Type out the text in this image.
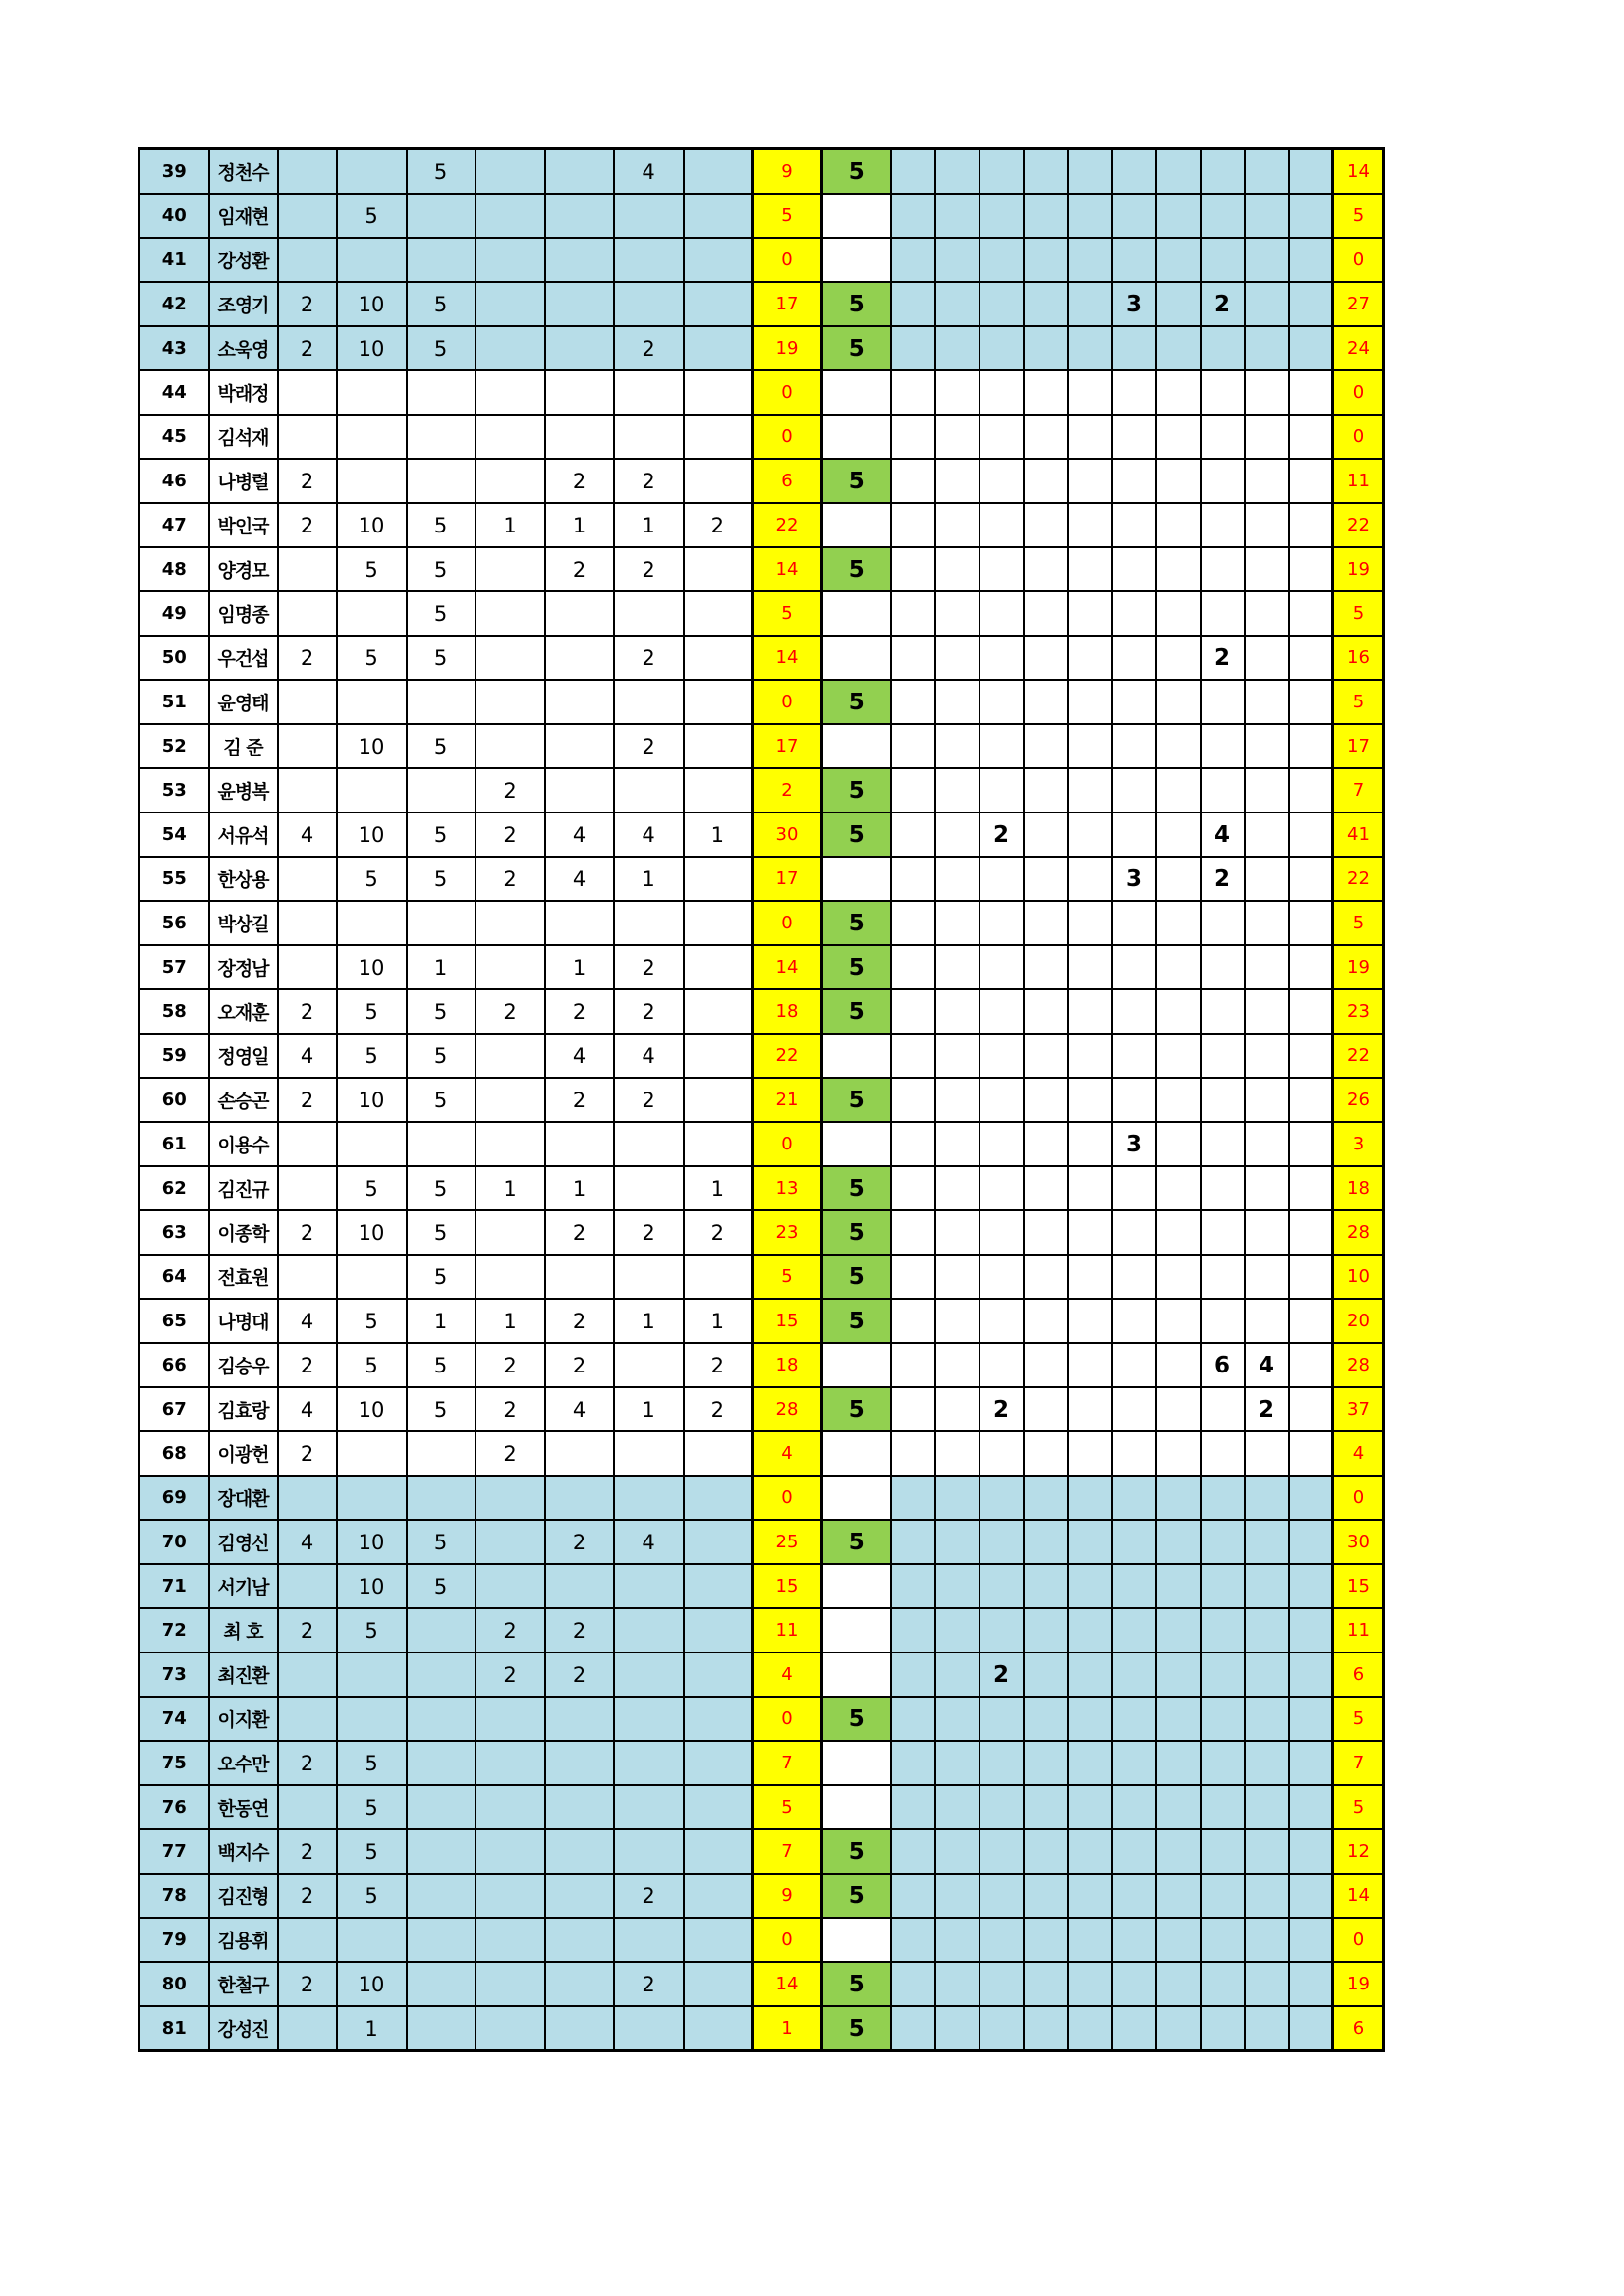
39	정천수			5			4		9	5											14
40	임재현		5						5												5
41	강성환								0												0
42	조영기	2	10	5					17	5						3		2			27
43	소욱영	2	10	5			2		19	5											24
44	박래정								0												0
45	김석재								0												0
46	나병렬	2				2	2		6	5											11
47	박인국	2	10	5	1	1	1	2	22												22
48	양경모		5	5		2	2		14	5											19
49	임명종			5					5												5
50	우건섭	2	5	5			2		14									2			16
51	윤영태								0	5											5
52	김 준		10	5			2		17												17
53	윤병복				2				2	5											7
54	서유석	4	10	5	2	4	4	1	30	5			2					4			41
55	한상용		5	5	2	4	1		17							3		2			22
56	박상길								0	5											5
57	장정남		10	1		1	2		14	5											19
58	오재훈	2	5	5	2	2	2		18	5											23
59	정영일	4	5	5		4	4		22												22
60	손승곤	2	10	5		2	2		21	5											26
61	이용수								0							3					3
62	김진규		5	5	1	1		1	13	5											18
63	이종학	2	10	5		2	2	2	23	5											28
64	전효원			5					5	5											10
65	나명대	4	5	1	1	2	1	1	15	5											20
66	김승우	2	5	5	2	2		2	18									6	4		28
67	김효랑	4	10	5	2	4	1	2	28	5			2						2		37
68	이광헌	2			2				4												4
69	장대환								0												0
70	김영신	4	10	5		2	4		25	5											30
71	서기남		10	5					15												15
72	최 호	2	5		2	2			11												11
73	최진환				2	2			4				2								6
74	이지환								0	5											5
75	오수만	2	5						7												7
76	한동연		5						5												5
77	백지수	2	5						7	5											12
78	김진형	2	5				2		9	5											14
79	김용휘								0												0
80	한철구	2	10				2		14	5											19
81	강성진		1						1	5											6
